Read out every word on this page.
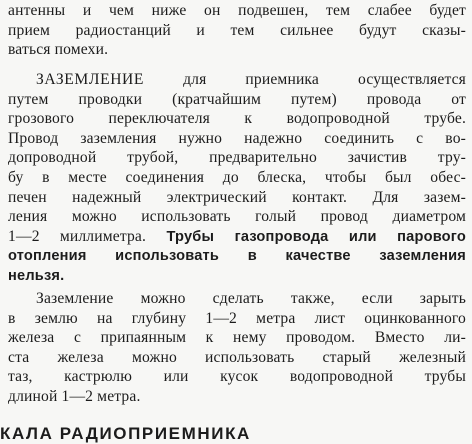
антенны и чем ниже он подвешен, тем слабее будет
прием радиостанций и тем сильнее будут сказы-
ваться помехи.

ЗАЗЕМЛЕНИЕ для приемника осуществляется
путем проводки (кратчайшим путем) провода от
грозового переключателя к водопроводной трубе.
Провод заземления нужно надежно соединить с во-
допроводной трубой, предварительно зачистив тру-
бу в месте соединения до блеска, чтобы был обес-
печен надежный электрический контакт. Для зазем-
ления можно использовать голый провод диаметром
1—2 миллиметра. Трубы газопровода или парового
отопления использовать в качестве заземления
нельзя.

Заземление можно сделать также, если зарыть
в землю на глубину 1—2 метра лист оцинкованного
железа с припаянным к нему проводом. Вместо ли-
ста железа можно использовать старый железный
таз, кастрюлю или кусок водопроводной трубы
длиной 1—2 метра.

КАЛА РАДИОПРИЕМНИКА
